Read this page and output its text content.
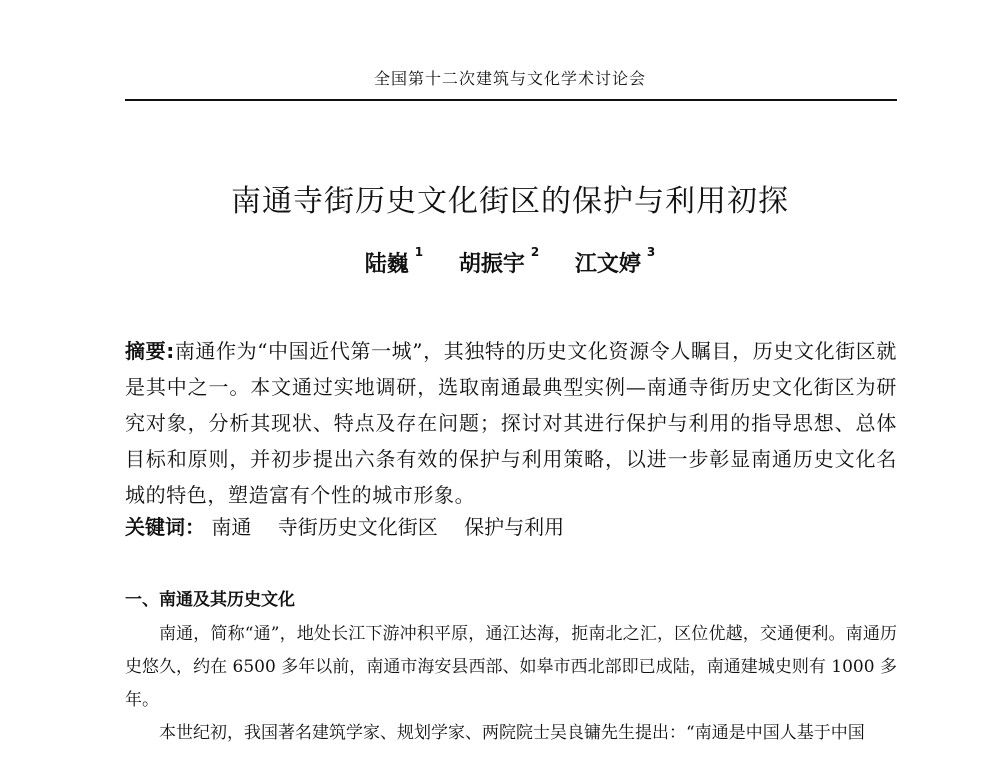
全国第十二次建筑与文化学术讨论会
南通寺街历史文化街区的保护与利用初探
陆巍 $^1$ 胡振宇 $^2$ 江文婷 $^3$
摘要:南通作为“中国近代第一城”，其独特的历史文化资源令人瞩目，历史文化街区就是其中之一。本文通过实地调研，选取南通最典型实例—南通寺街历史文化街区为研究对象，分析其现状、特点及存在问题；探讨对其进行保护与利用的指导思想、总体目标和原则，并初步提出六条有效的保护与利用策略，以进一步彰显南通历史文化名城的特色，塑造富有个性的城市形象。
关键词： 南通 寺街历史文化街区 保护与利用
一、南通及其历史文化

南通，简称“通”，地处长江下游冲积平原，通江达海，扼南北之汇，区位优越，交通便利。南通历史悠久，约在 6500 多年以前，南通市海安县西部、如皋市西北部即已成陆，南通建城史则有 1000 多年。

本世纪初，我国著名建筑学家、规划学家、两院院士吴良镛先生提出：“南通是中国人基于中国
